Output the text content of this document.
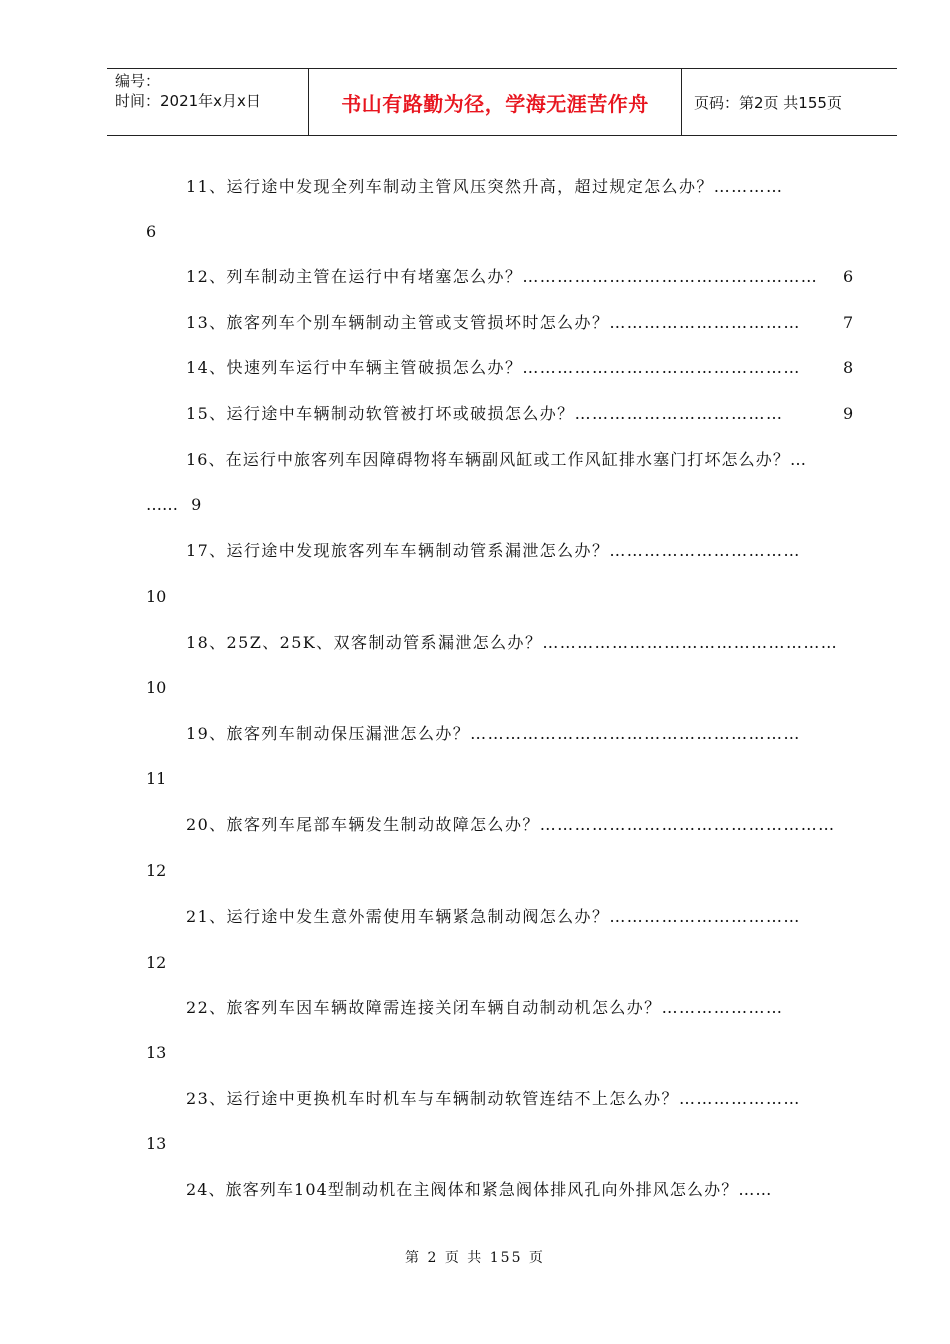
编号：
时间：2021年x月x日	书山有路勤为径，学海无涯苦作舟	页码：第2页 共155页
11、运行途中发现全列车制动主管风压突然升高，超过规定怎么办？…………
6
12、列车制动主管在运行中有堵塞怎么办？…………………………………………… 6
13、旅客列车个别车辆制动主管或支管损坏时怎么办？……………………………	7
14、快速列车运行中车辆主管破损怎么办？…………………………………………	8
15、运行途中车辆制动软管被打坏或破损怎么办？………………………………	9
16、在运行中旅客列车因障碍物将车辆副风缸或工作风缸排水塞门打坏怎么办？…
…… 9
17、运行途中发现旅客列车车辆制动管系漏泄怎么办？……………………………
10
18、25Z、25K、双客制动管系漏泄怎么办？……………………………………………
10
19、旅客列车制动保压漏泄怎么办？…………………………………………………
11
20、旅客列车尾部车辆发生制动故障怎么办？……………………………………………
12
21、运行途中发生意外需使用车辆紧急制动阀怎么办？……………………………
12
22、旅客列车因车辆故障需连接关闭车辆自动制动机怎么办？…………………
13
23、运行途中更换机车时机车与车辆制动软管连结不上怎么办？…………………
13
24、旅客列车104型制动机在主阀体和紧急阀体排风孔向外排风怎么办？……
第 2 页 共 155 页
